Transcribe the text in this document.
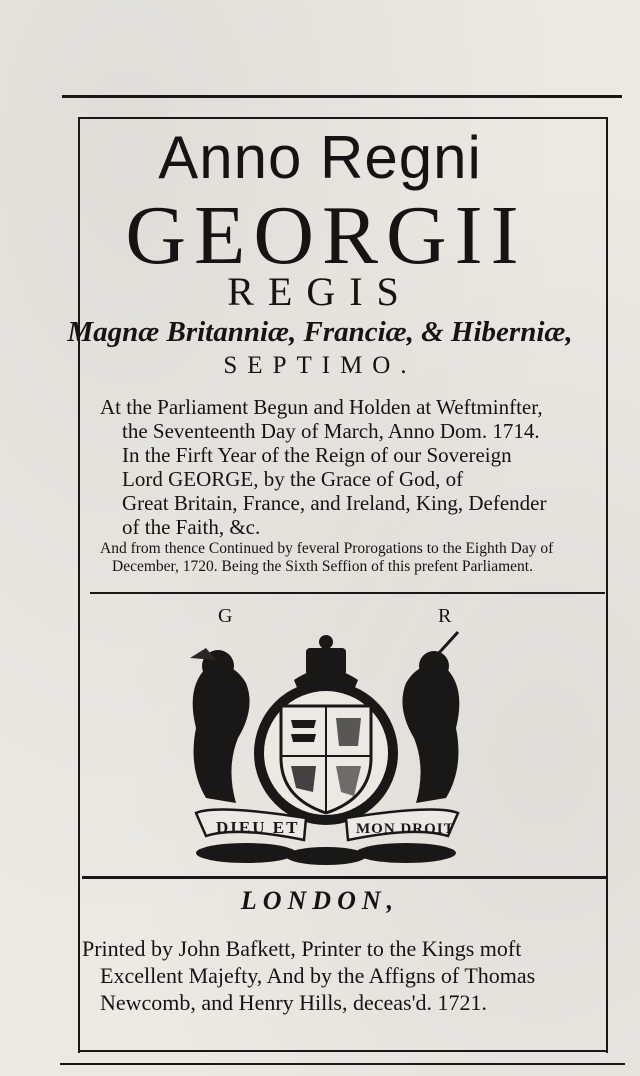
Anno Regni
GEORGII
REGIS
Magnæ Britanniæ, Franciæ, & Hiberniæ,
SEPTIMO.
At the Parliament Begun and Holden at Weftminfter,
the Seventeenth Day of March, Anno Dom. 1714.
In the Firft Year of the Reign of our Sovereign
Lord GEORGE, by the Grace of God, of
Great Britain, France, and Ireland, King, Defender
of the Faith, &c.
And from thence Continued by feveral Prorogations to the Eighth Day of
December, 1720. Being the Sixth Seffion of this prefent Parliament.
G	R
DIEU ET	MON DROIT
LONDON,
Printed by John Bafkett, Printer to the Kings moft
Excellent Majefty, And by the Affigns of Thomas
Newcomb, and Henry Hills, deceas'd. 1721.
